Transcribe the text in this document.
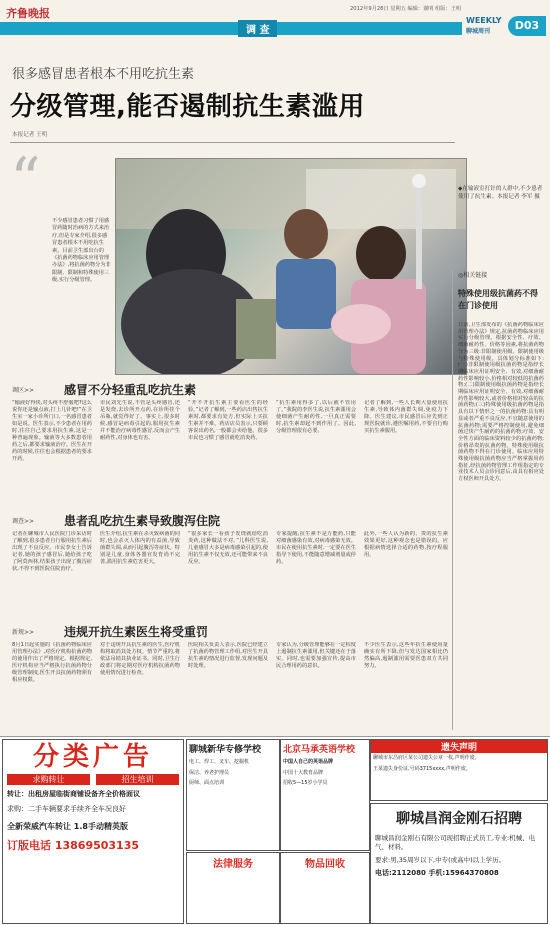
齐鲁晚报	2012年9月28日 星期五 编辑：谢明 组版：王明
调 查
WEEKLY
聊城周刊	D03
很多感冒患者根本不用吃抗生素
分级管理,能否遏制抗生素滥用
本报记者 王明
“
不少感冒患者习惯了用感冒药随时治病的方式来治疗,但是专家介绍,很多感冒患者根本不用吃抗生素。目前卫生部出台的《抗菌药物临床应用管理办法》,将抗菌药物分为非限制、限制和特殊使用三级,实行分级管理。
◆在输液室打针的人群中,不少患者使用了抗生素。本报记者 李军 摄
◎相关链接
特殊使用级抗菌药不得在门诊使用
日前,卫生部发布的《抗菌药物临床应用管理办法》规定,抗菌药物临床应用实行分级管理。根据安全性、疗效、细菌耐药性、价格等因素,将抗菌药物分为三级:非限制使用级、限制使用级与特殊使用级。具体划分标准如下:(一)非限制使用级抗菌药物是指经长期临床应用证明安全、有效,对细菌耐药性影响较小,价格相对较低的抗菌药物;(二)限制使用级抗菌药物是指经长期临床应用证明安全、有效,对细菌耐药性影响较大,或者价格相对较高的抗菌药物;(三)特殊使用级抗菌药物是指具有以下情形之一的抗菌药物:具有明显或者严重不良反应,不宜随意使用的抗菌药物;需要严格控制使用,避免细菌过快产生耐药的抗菌药物;疗效、安全性方面的临床资料较少的抗菌药物;价格昂贵的抗菌药物。特殊使用级抗菌药物不得在门诊使用。临床应用特殊使用级抗菌药物应当严格掌握用药指征,经抗菌药物管理工作组指定的专业技术人员会诊同意后,由具有相应处方权医师开具处方。
调区>> 感冒不分轻重乱吃抗生素
“输液好得快,对头疼不舒服吧?这么说你还是输点液,打上几针吧!”在卫生室一家小诊所门口,一名感冒患者如是说。医生表示,不少患者在用药时,往往自己要求用抗生素,这是一种普遍现象。输液等大多数患者用药之后,都要求输液治疗。医生在开药的时候,往往也会根据患者的要求开药。
市民刘先生说,不管是头疼感冒,还是发烧,去诊所开点药,在诊所挂个吊瓶,就觉得好了。事实上,很多时候,感冒是病毒引起的,服用抗生素并不能治疗病毒性感冒,反而会产生耐药性,对身体也有害。
“开不开抗生素主要看医生的经验。”记者了解到,一些药店出售抗生素时,都要求有处方,但实际上买抗生素并不难。药店店员表示,只要顾客说出药名,一般都会卖给他。很多市民也习惯了感冒就吃消炎药。
“抗生素用得多了,以后就不管用了。”我院的李医生说,抗生素滥用会使细菌产生耐药性,一旦真正需要时,抗生素却起不到作用了。因此,分级管理很有必要。
记者了解到,一些人长期大量使用抗生素,导致体内菌群失调,免疫力下降。医生建议,市民感冒后应先到正规医院就诊,遵医嘱用药,不要自行购买抗生素服用。
调查>> 患者乱吃抗生素导致腹泻住院
记者在聊城市人民医院门诊采访时了解到,很多患者自行服用抗生素后出现了不良反应。市民李女士告诉记者,她的孩子感冒后,她给孩子吃了阿莫西林,结果孩子出现了腹泻症状,不得不到医院住院治疗。
医生介绍,抗生素在杀灭致病菌的同时,也会杀灭人体内的有益菌,导致菌群失调,从而引起腹泻等症状。特别是儿童,身体各器官发育尚不完善,滥用抗生素危害更大。
“很多家长一看孩子发烧就给吃消炎药,这种做法不对。”儿科医生说,儿童感冒大多是病毒感染引起的,使用抗生素不仅无效,还可能带来不良反应。
专家提醒,抗生素不是万能药,只能对细菌感染有效,对病毒感染无效。市民在使用抗生素时,一定要在医生指导下使用,不能随意增减剂量或停药。
此外,一些人认为新的、贵的抗生素效果更好,这种观念也是错误的。应根据病情选择合适的药物,按疗程服用。
新规>> 违规开抗生素医生将受重罚
8月1日起实施的《抗菌药物临床应用管理办法》,对医疗机构抗菌药物的使用作出了严格规定。根据规定,医疗机构应当严格执行抗菌药物分级管理制度,医生开具抗菌药物须有相应权限。
对于违规开具抗生素的医生,医疗机构将取消其处方权。情节严重的,将依法吊销其执业证书。同时,卫生行政部门将定期对医疗机构抗菌药物使用情况进行检查。
医院相关负责人表示,医院已经建立了抗菌药物管理工作组,对医生开具抗生素的情况进行监督,发现问题及时处理。
专家认为,分级管理能够在一定程度上遏制抗生素滥用,但关键还在于落实。同时,也需要加强宣传,提高市民合理用药的意识。
不少医生表示,这些年抗生素使用量确实有所下降,但与发达国家相比仍然偏高,遏制滥用需要医患双方共同努力。
分类广告
求购转让	招生培训
转让：出租房屋临街商铺设备齐全价格面议
求购：二手车辆要求手续齐全车况良好
全新荣威汽车转让 1.8手动精英版
订版电话 13869503135
聊城新华专修学校
电工、焊工、叉车、挖掘机
保洁、养老护理员
厨师、面点培训
北京马承英语学校
中国人自己的英语品牌
中国十大教育品牌
招收5—15岁小学员
法律服务	物品回收
遗失声明
聊城市东昌府区某公司遗失公章一枚,声明作废。
王某遗失身份证,号码3715xxxx,声明作废。
聊城昌润金刚石招聘
聊城昌润金刚石有限公司现招聘正式员工,专业:机械、电气、材料。
要求:男,35周岁以下,中专(或高中)以上学历。
电话:2112080 手机:15964370808
